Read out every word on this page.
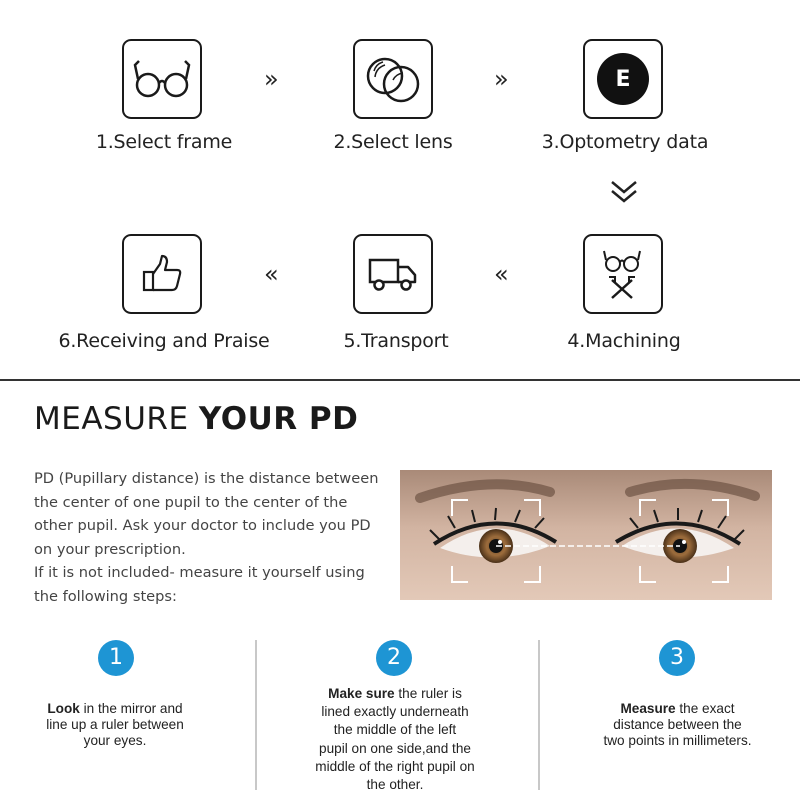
1.Select frame
»
2.Select lens
»	E
3.Optometry data
6.Receiving and Praise
«
5.Transport
«
4.Machining
MEASURE YOUR PD

PD (Pupillary distance) is the distance between

the center of one pupil to the center of the

other pupil. Ask your doctor to include you PD

on your prescription.

If it is not included- measure it yourself using

the following steps:

1	2	3
Look in the mirror and
line up a ruler between
your eyes.
Make sure the ruler is
lined exactly underneath
the middle of the left
pupil on one side,and the
middle of the right pupil on
the other.
Measure the exact
distance between the
two points in millimeters.
